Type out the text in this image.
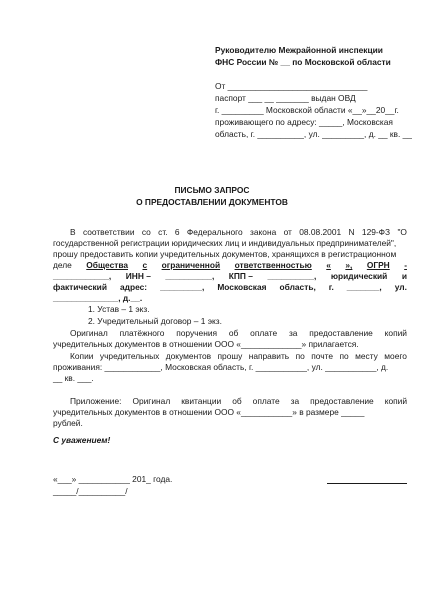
Руководителю Межрайонной инспекции
ФНС России № __ по Московской области
От ______________________________
паспорт ___ __ _______ выдан ОВД
г. _________ Московской области «__»__20__г.
проживающего по адресу: _____, Московская
область, г. __________, ул. _________, д. __ кв. __
ПИСЬМО ЗАПРОС
О ПРЕДОСТАВЛЕНИИ ДОКУМЕНТОВ
В соответствии со ст. 6 Федерального закона от 08.08.2001 N 129-ФЗ "О
государственной регистрации юридических лиц и индивидуальных предпринимателей",
прошу предоставить копии учредительных документов, хранящихся в регистрационном
деле Общества с ограниченной ответственностью « », ОГРН -
____________, ИНН – __________, КПП – __________, юридический и
фактический адрес: _________, Московская область, г. _______, ул.
______________, д.__.
1. Устав – 1 экз.
2. Учредительный договор – 1 экз.
Оригинал платёжного поручения об оплате за предоставление копий
учредительных документов в отношении ООО «_____________» прилагается.
Копии учредительных документов прошу направить по почте по месту моего
проживания: ____________, Московская область, г. ___________, ул. ___________, д.
__ кв. ___.
Приложение: Оригинал квитанции об оплате за предоставление копий
учредительных документов в отношении ООО «___________» в размере _____
рублей.
С уважением!
«___» ___________ 201_ года.
_____/__________/
